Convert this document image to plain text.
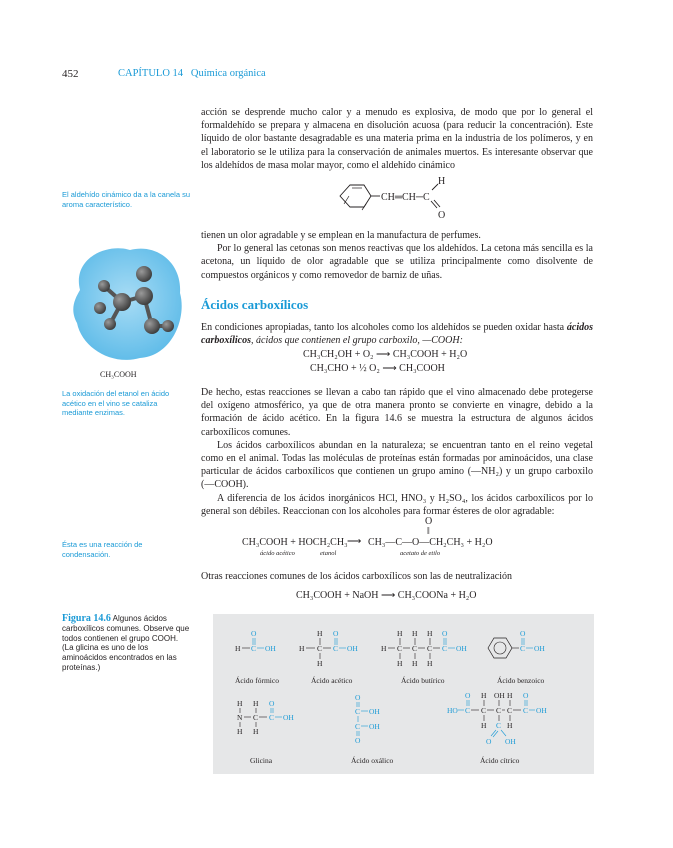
452	CAPÍTULO 14 Química orgánica

acción se desprende mucho calor y a menudo es explosiva, de modo que por lo general el formaldehído se prepara y almacena en disolución acuosa (para reducir la concentración). Este líquido de olor bastante desagradable es una materia prima en la industria de los polímeros, y en el laboratorio se le utiliza para la conservación de animales muertos. Es interesante observar que los aldehídos de masa molar mayor, como el aldehído cinámico

CH═CH─C
H
O

tienen un olor agradable y se emplean en la manufactura de perfumes.

Por lo general las cetonas son menos reactivas que los aldehídos. La cetona más sencilla es la acetona, un líquido de olor agradable que se utiliza principalmente como disolvente de compuestos orgánicos y como removedor de barniz de uñas.

El aldehído cinámico da a la canela su aroma característico.
CH₃COOH
La oxidación del etanol en ácido acético en el vino se cataliza mediante enzimas.
Ésta es una reacción de condensación.
Ácidos carboxílicos

En condiciones apropiadas, tanto los alcoholes como los aldehídos se pueden oxidar hasta ácidos carboxílicos, ácidos que contienen el grupo carboxilo, —COOH:

CH₃CH₂OH + O₂ ⟶ CH₃COOH + H₂O
CH₃CHO + ½ O₂ ⟶ CH₃COOH

De hecho, estas reacciones se llevan a cabo tan rápido que el vino almacenado debe protegerse del oxígeno atmosférico, ya que de otra manera pronto se convierte en vinagre, debido a la formación de ácido acético. En la figura 14.6 se muestra la estructura de algunos ácidos carboxílicos comunes.

Los ácidos carboxílicos abundan en la naturaleza; se encuentran tanto en el reino vegetal como en el animal. Todas las moléculas de proteínas están formadas por aminoácidos, una clase particular de ácidos carboxílicos que contienen un grupo amino (—NH₂) y un grupo carboxilo (—COOH).

A diferencia de los ácidos inorgánicos HCl, HNO₃ y H₂SO₄, los ácidos carboxílicos por lo general son débiles. Reaccionan con los alcoholes para formar ésteres de olor agradable:

O
‖
CH₃COOH + HOCH₂CH₃ ⟶ CH₃—C—O—CH₂CH₃ + H₂O
ácido acético	etanol	acetato de etilo

Otras reacciones comunes de los ácidos carboxílicos son las de neutralización

CH₃COOH + NaOH ⟶ CH₃COONa + H₂O
Figura 14.6 Algunos ácidos carboxílicos comunes. Observe que todos contienen el grupo COOH. (La glicina es uno de los aminoácidos encontrados en las proteínas.)
O
H C OH
H O
H C C OH
H
H H H O
H C C C C OH
H H H
O
C OH
H H O
N C C OH
H H
O
C OH
C OH
O
O H OH H O
HO C C C C C OH
H C H
O OH
Ácido fórmico	Ácido acético	Ácido butírico	Ácido benzoico
Glicina	Ácido oxálico	Ácido cítrico
